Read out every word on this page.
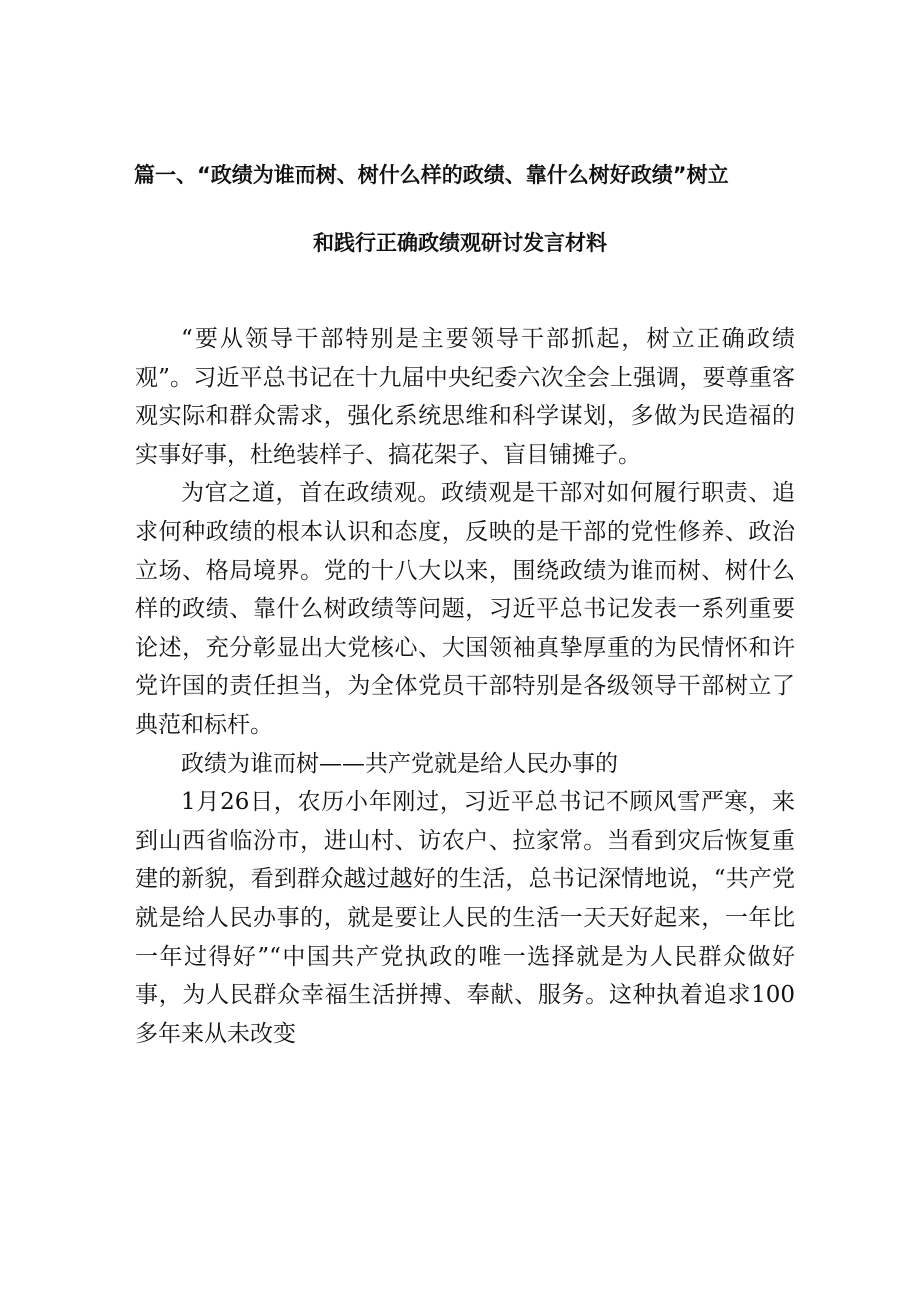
篇一、“政绩为谁而树、树什么样的政绩、靠什么树好政绩”树立
和践行正确政绩观研讨发言材料

“要从领导干部特别是主要领导干部抓起，树立正确政绩观”。习近平总书记在十九届中央纪委六次全会上强调，要尊重客观实际和群众需求，强化系统思维和科学谋划，多做为民造福的实事好事，杜绝装样子、搞花架子、盲目铺摊子。

为官之道，首在政绩观。政绩观是干部对如何履行职责、追求何种政绩的根本认识和态度，反映的是干部的党性修养、政治立场、格局境界。党的十八大以来，围绕政绩为谁而树、树什么样的政绩、靠什么树政绩等问题，习近平总书记发表一系列重要论述，充分彰显出大党核心、大国领袖真挚厚重的为民情怀和许党许国的责任担当，为全体党员干部特别是各级领导干部树立了典范和标杆。

政绩为谁而树——共产党就是给人民办事的

1月26日，农历小年刚过，习近平总书记不顾风雪严寒，来到山西省临汾市，进山村、访农户、拉家常。当看到灾后恢复重建的新貌，看到群众越过越好的生活，总书记深情地说，“共产党就是给人民办事的，就是要让人民的生活一天天好起来，一年比一年过得好”“中国共产党执政的唯一选择就是为人民群众做好事，为人民群众幸福生活拼搏、奉献、服务。这种执着追求100多年来从未改变
